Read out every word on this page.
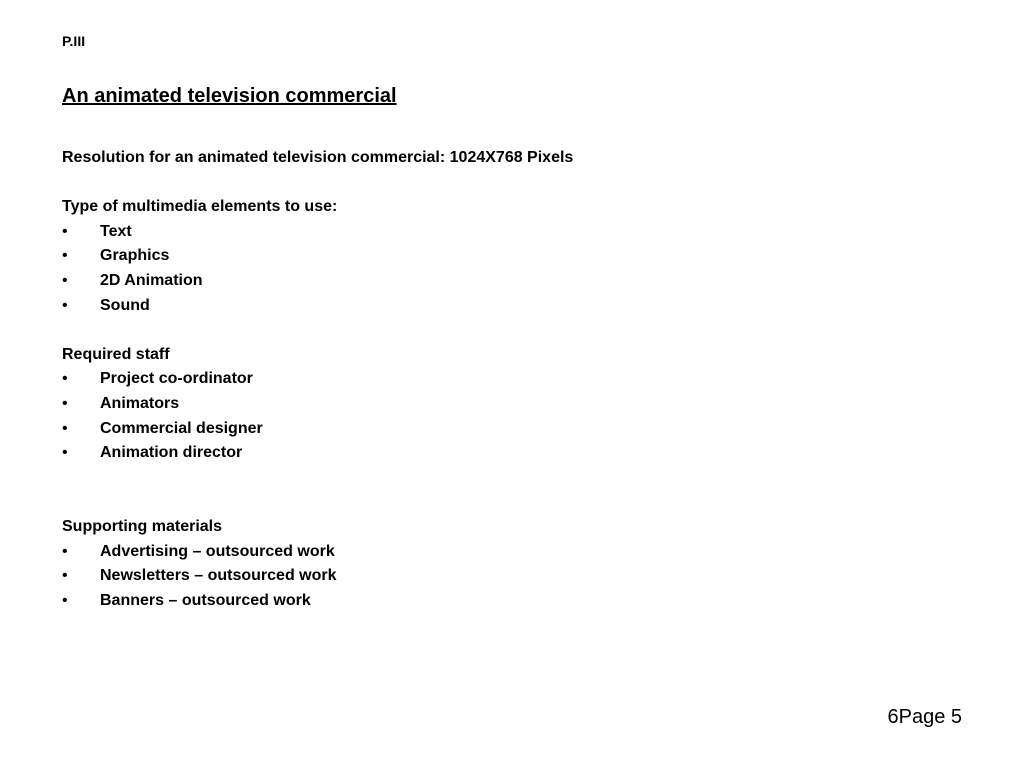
P.III
An animated television commercial

Resolution for an animated television commercial: 1024X768 Pixels

Type of multimedia elements to use:
•	Text
•	Graphics
•	2D Animation
•	Sound
Required staff
•	Project co-ordinator
•	Animators
•	Commercial designer
•	Animation director
Supporting materials
•	Advertising – outsourced work
•	Newsletters – outsourced work
•	Banners – outsourced work
6Page 5
